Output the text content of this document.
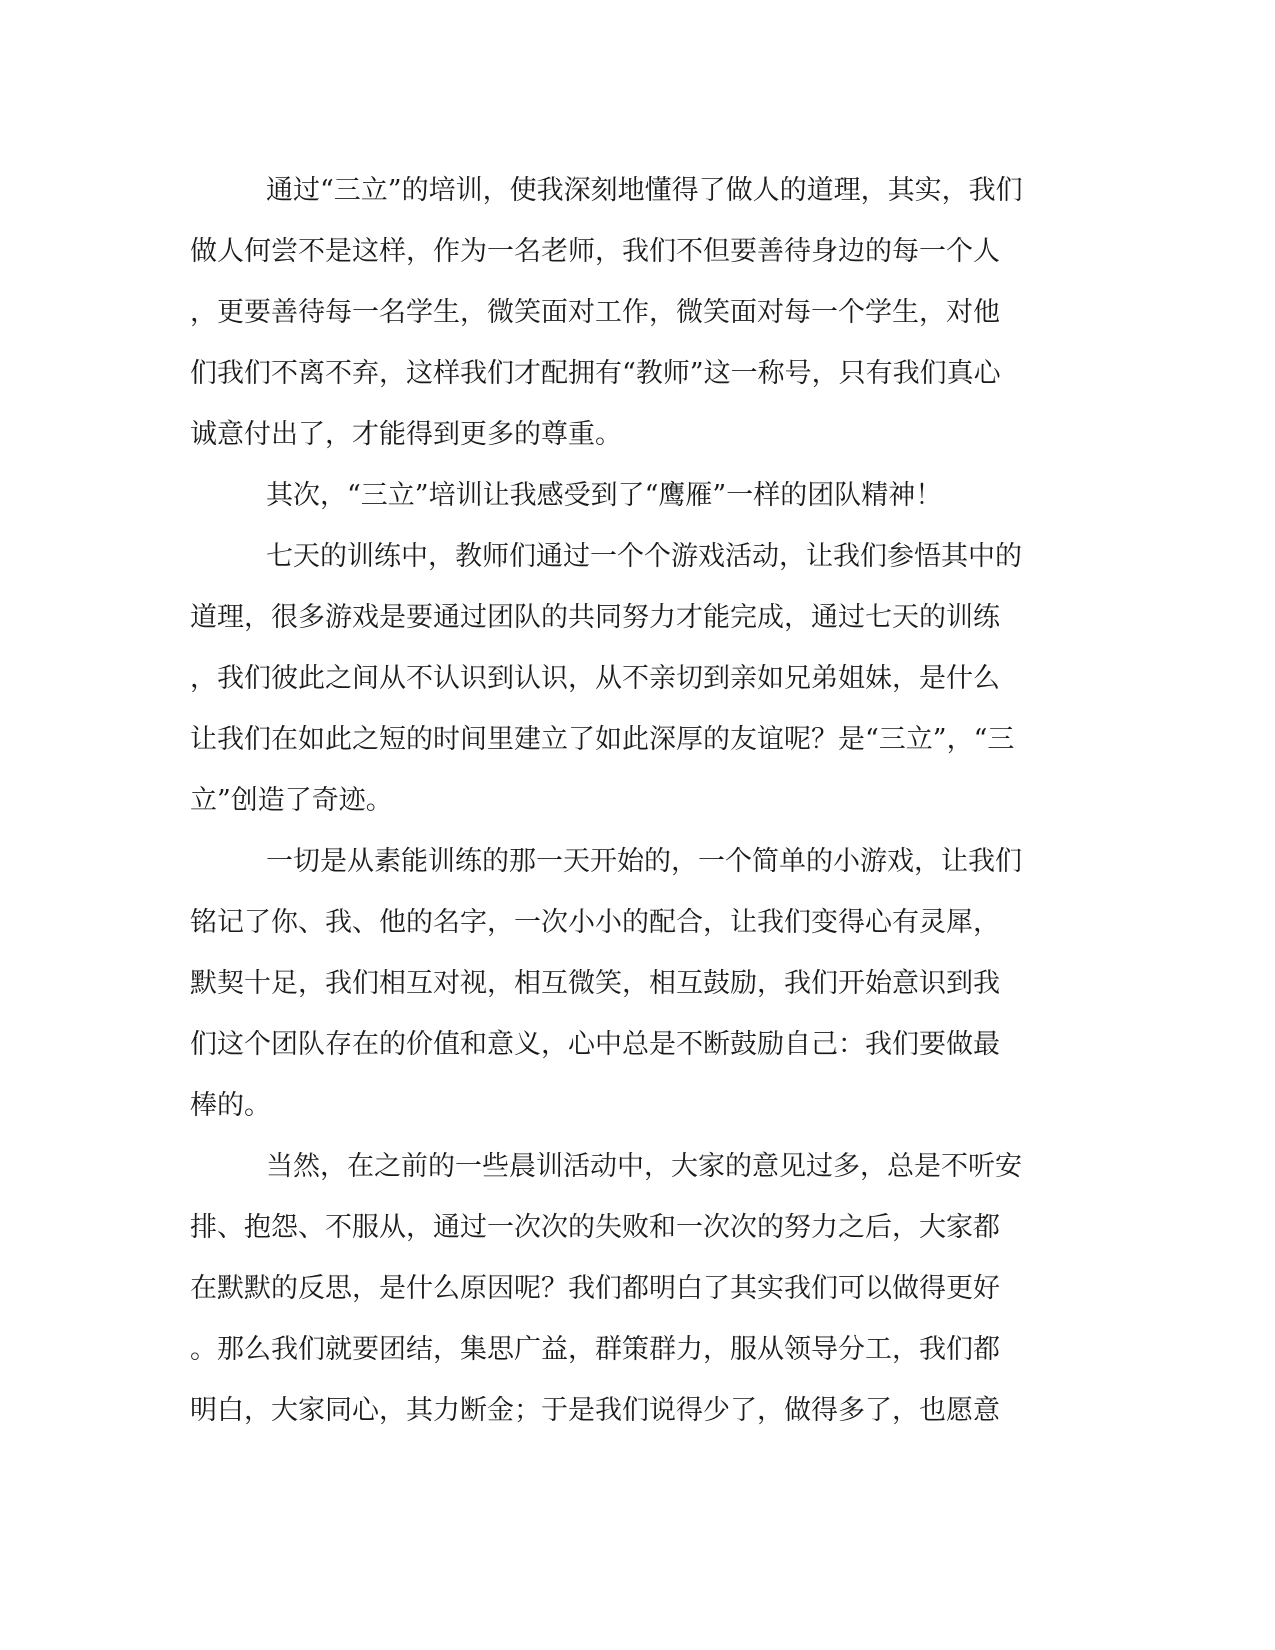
通过“三立”的培训，使我深刻地懂得了做人的道理，其实，我们
做人何尝不是这样，作为一名老师，我们不但要善待身边的每一个人
，更要善待每一名学生，微笑面对工作，微笑面对每一个学生，对他
们我们不离不弃，这样我们才配拥有“教师”这一称号，只有我们真心
诚意付出了，才能得到更多的尊重。
其次，“三立”培训让我感受到了“鹰雁”一样的团队精神！
七天的训练中，教师们通过一个个游戏活动，让我们参悟其中的
道理，很多游戏是要通过团队的共同努力才能完成，通过七天的训练
，我们彼此之间从不认识到认识，从不亲切到亲如兄弟姐妹，是什么
让我们在如此之短的时间里建立了如此深厚的友谊呢？是“三立”，“三
立”创造了奇迹。
一切是从素能训练的那一天开始的，一个简单的小游戏，让我们
铭记了你、我、他的名字，一次小小的配合，让我们变得心有灵犀，
默契十足，我们相互对视，相互微笑，相互鼓励，我们开始意识到我
们这个团队存在的价值和意义，心中总是不断鼓励自己：我们要做最
棒的。
当然，在之前的一些晨训活动中，大家的意见过多，总是不听安
排、抱怨、不服从，通过一次次的失败和一次次的努力之后，大家都
在默默的反思，是什么原因呢？我们都明白了其实我们可以做得更好
。那么我们就要团结，集思广益，群策群力，服从领导分工，我们都
明白，大家同心，其力断金；于是我们说得少了，做得多了，也愿意
